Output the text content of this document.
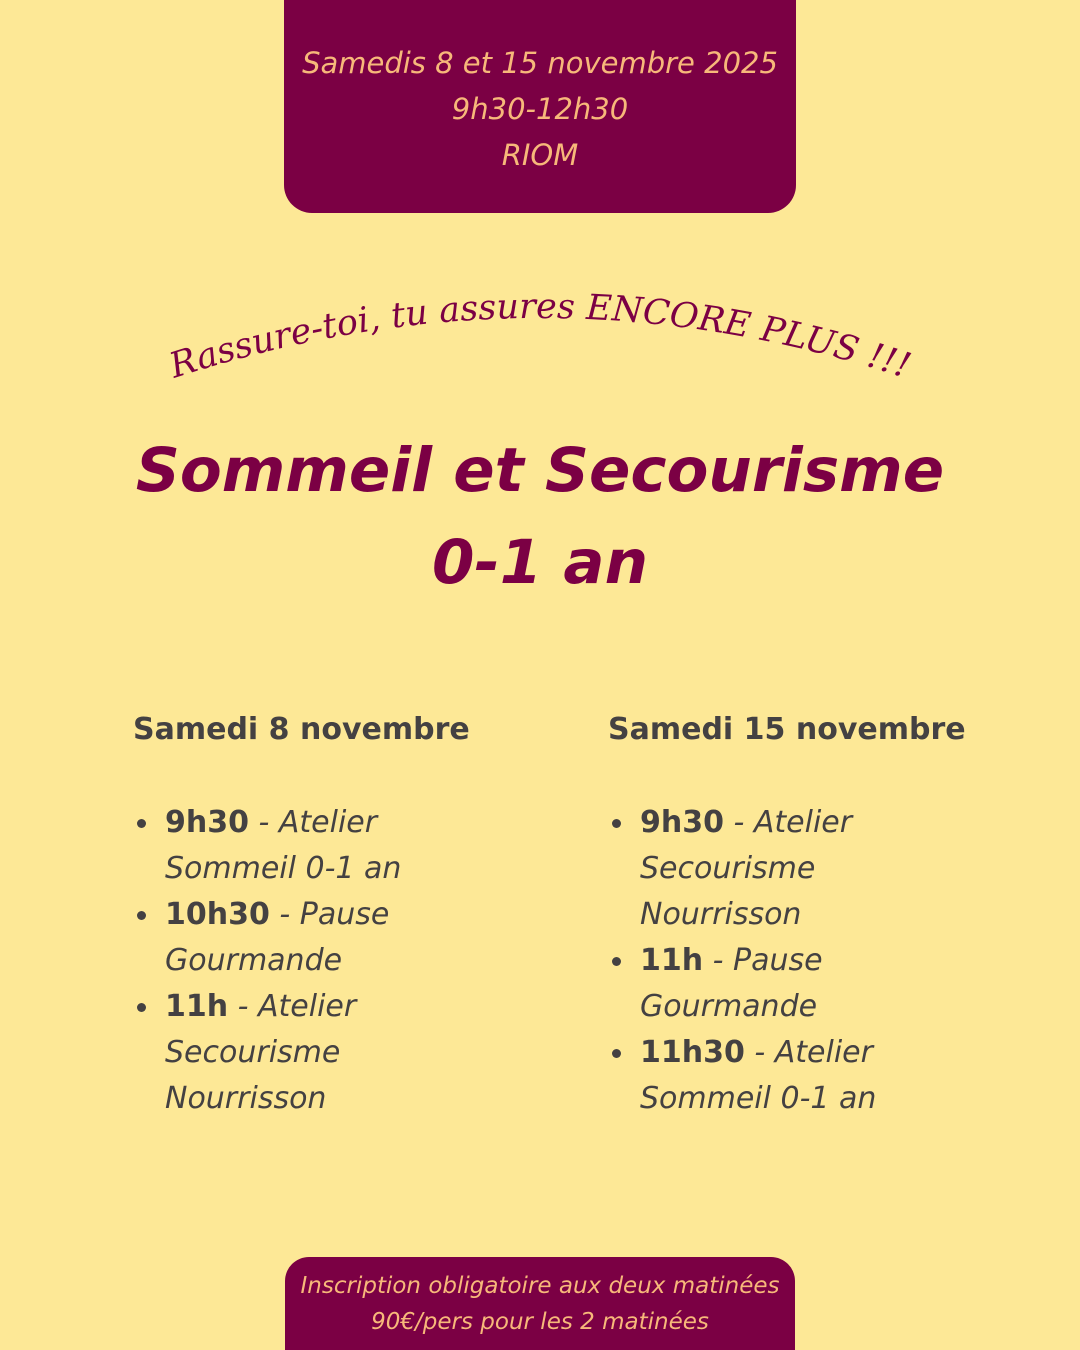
Samedis 8 et 15 novembre 2025
9h30-12h30
RIOM
Rassure-toi, tu assures ENCORE PLUS !!!
Sommeil et Secourisme
0-1 an
Samedi 8 novembre
9h30 - Atelier
Sommeil 0-1 an
10h30 - Pause
Gourmande
11h - Atelier
Secourisme
Nourrisson
Samedi 15 novembre
9h30 - Atelier
Secourisme
Nourrisson
11h - Pause
Gourmande
11h30 - Atelier
Sommeil 0-1 an
Inscription obligatoire aux deux matinées
90€/pers pour les 2 matinées
